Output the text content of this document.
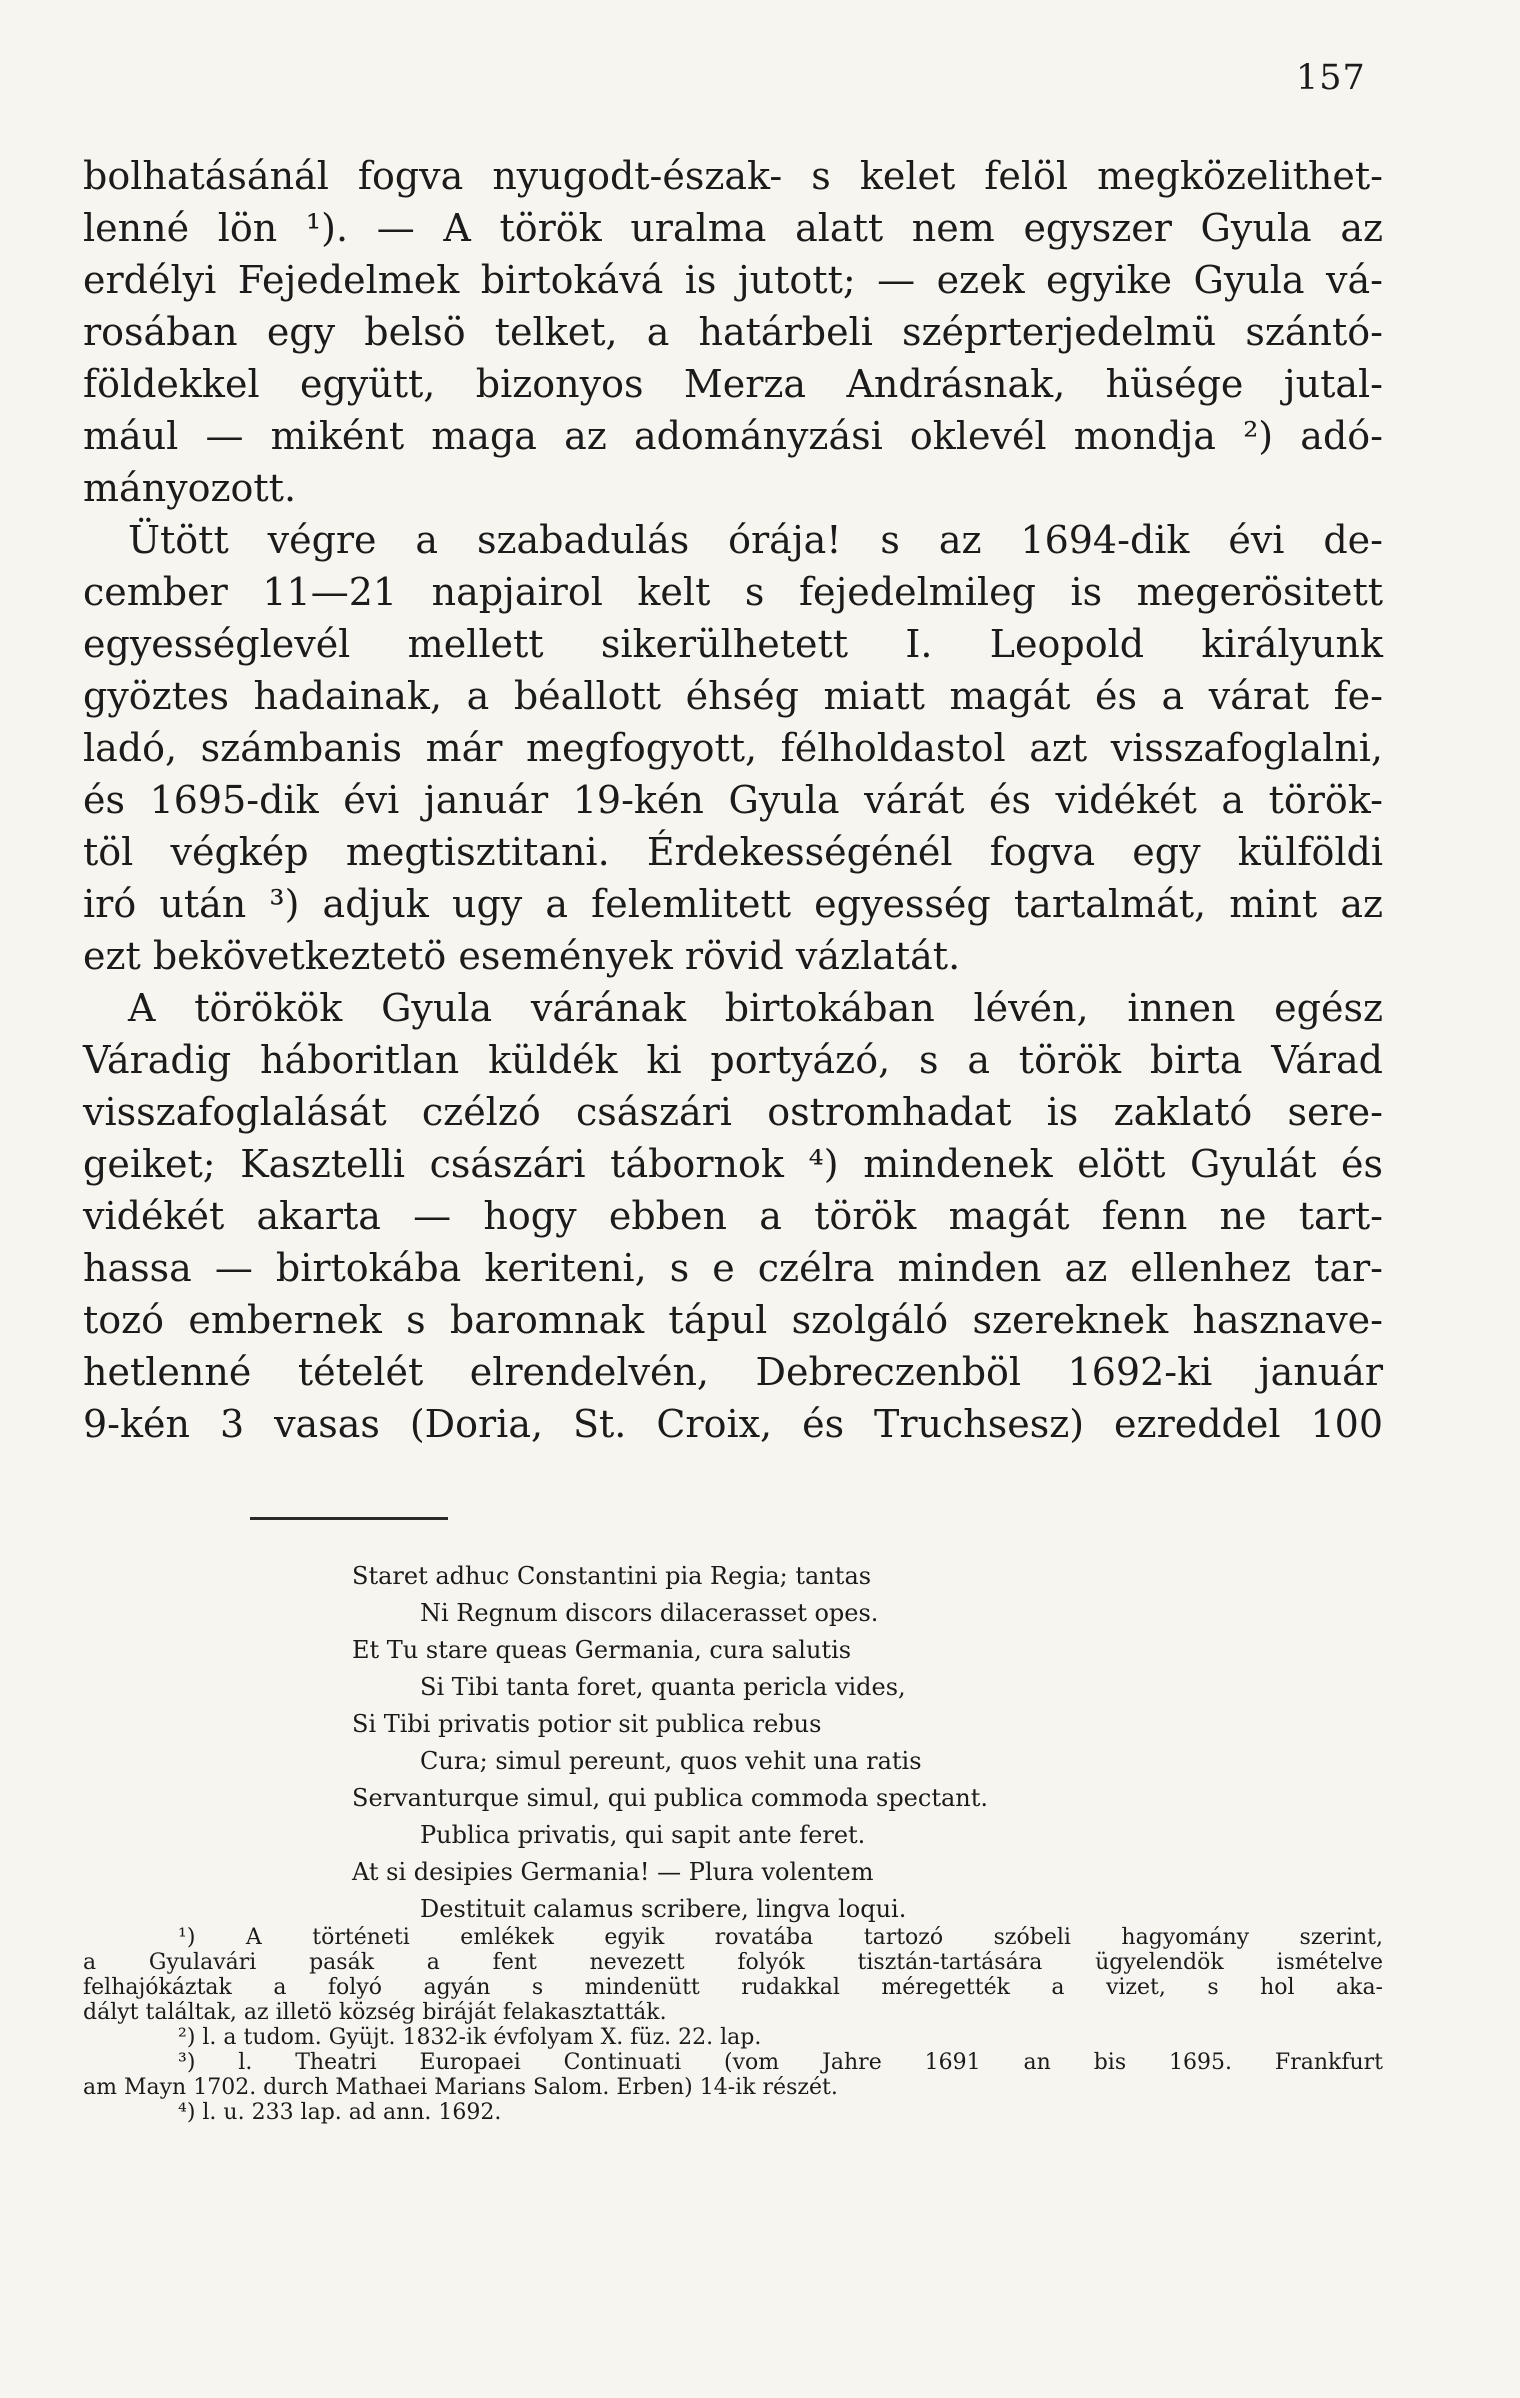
157
bolhatásánál fogva nyugodt-észak- s kelet felöl megközelithet-
lenné lön ¹). — A török uralma alatt nem egyszer Gyula az
erdélyi Fejedelmek birtokává is jutott; — ezek egyike Gyula vá-
rosában egy belsö telket, a határbeli széprterjedelmü szántó-
földekkel együtt, bizonyos Merza Andrásnak, hüsége jutal-
mául — miként maga az adományzási oklevél mondja ²) adó-
mányozott.
Ütött végre a szabadulás órája! s az 1694-dik évi de-
cember 11—21 napjairol kelt s fejedelmileg is megerösitett
egyességlevél mellett sikerülhetett I. Leopold királyunk
gyöztes hadainak, a béallott éhség miatt magát és a várat fe-
ladó, számbanis már megfogyott, félholdastol azt visszafoglalni,
és 1695-dik évi január 19-kén Gyula várát és vidékét a török-
töl végkép megtisztitani. Érdekességénél fogva egy külföldi
iró után ³) adjuk ugy a felemlitett egyesség tartalmát, mint az
ezt bekövetkeztetö események rövid vázlatát.
A törökök Gyula várának birtokában lévén, innen egész
Váradig háboritlan küldék ki portyázó, s a török birta Várad
visszafoglalását czélzó császári ostromhadat is zaklató sere-
geiket; Kasztelli császári tábornok ⁴) mindenek elött Gyulát és
vidékét akarta — hogy ebben a török magát fenn ne tart-
hassa — birtokába keriteni, s e czélra minden az ellenhez tar-
tozó embernek s baromnak tápul szolgáló szereknek hasznave-
hetlenné tételét elrendelvén, Debreczenböl 1692-ki január
9-kén 3 vasas (Doria, St. Croix, és Truchsesz) ezreddel 100
Staret adhuc Constantini pia Regia; tantas
Ni Regnum discors dilacerasset opes.
Et Tu stare queas Germania, cura salutis
Si Tibi tanta foret, quanta pericla vides,
Si Tibi privatis potior sit publica rebus
Cura; simul pereunt, quos vehit una ratis
Servanturque simul, qui publica commoda spectant.
Publica privatis, qui sapit ante feret.
At si desipies Germania! — Plura volentem
Destituit calamus scribere, lingva loqui.
¹) A történeti emlékek egyik rovatába tartozó szóbeli hagyomány szerint,
a Gyulavári pasák a fent nevezett folyók tisztán-tartására ügyelendök ismételve
felhajókáztak a folyó agyán s mindenütt rudakkal méregették a vizet, s hol aka-
dályt találtak, az illetö község biráját felakasztatták.
²) l. a tudom. Gyüjt. 1832-ik évfolyam X. füz. 22. lap.
³) l. Theatri Europaei Continuati (vom Jahre 1691 an bis 1695. Frankfurt
am Mayn 1702. durch Mathaei Marians Salom. Erben) 14-ik részét.
⁴) l. u. 233 lap. ad ann. 1692.
